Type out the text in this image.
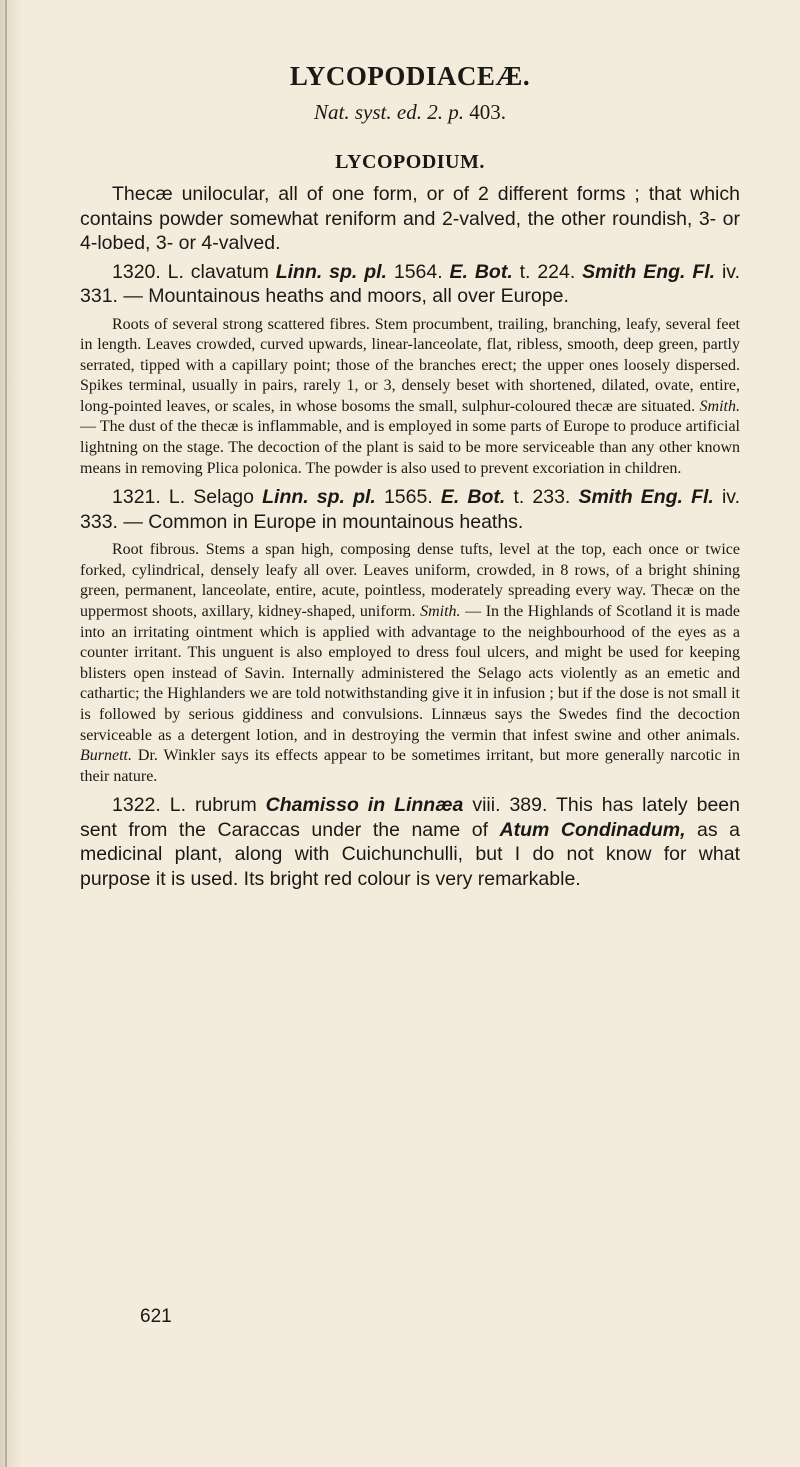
LYCOPODIACEÆ.
Nat. syst. ed. 2. p. 403.
LYCOPODIUM.

Thecæ unilocular, all of one form, or of 2 different forms ; that which contains powder somewhat reniform and 2-valved, the other roundish, 3- or 4-lobed, 3- or 4-valved.

1320. L. clavatum Linn. sp. pl. 1564. E. Bot. t. 224. Smith Eng. Fl. iv. 331. — Mountainous heaths and moors, all over Europe.

Roots of several strong scattered fibres. Stem procumbent, trailing, branching, leafy, several feet in length. Leaves crowded, curved upwards, linear-lanceolate, flat, ribless, smooth, deep green, partly serrated, tipped with a capillary point; those of the branches erect; the upper ones loosely dispersed. Spikes terminal, usually in pairs, rarely 1, or 3, densely beset with shortened, dilated, ovate, entire, long-pointed leaves, or scales, in whose bosoms the small, sulphur-coloured thecæ are situated. Smith. — The dust of the thecæ is inflammable, and is employed in some parts of Europe to produce artificial lightning on the stage. The decoction of the plant is said to be more serviceable than any other known means in removing Plica polonica. The powder is also used to prevent excoriation in children.

1321. L. Selago Linn. sp. pl. 1565. E. Bot. t. 233. Smith Eng. Fl. iv. 333. — Common in Europe in mountainous heaths.

Root fibrous. Stems a span high, composing dense tufts, level at the top, each once or twice forked, cylindrical, densely leafy all over. Leaves uniform, crowded, in 8 rows, of a bright shining green, permanent, lanceolate, entire, acute, pointless, moderately spreading every way. Thecæ on the uppermost shoots, axillary, kidney-shaped, uniform. Smith. — In the Highlands of Scotland it is made into an irritating ointment which is applied with advantage to the neighbourhood of the eyes as a counter irritant. This unguent is also employed to dress foul ulcers, and might be used for keeping blisters open instead of Savin. Internally administered the Selago acts violently as an emetic and cathartic; the Highlanders we are told notwithstanding give it in infusion ; but if the dose is not small it is followed by serious giddiness and convulsions. Linnæus says the Swedes find the decoction serviceable as a detergent lotion, and in destroying the vermin that infest swine and other animals. Burnett. Dr. Winkler says its effects appear to be sometimes irritant, but more generally narcotic in their nature.

1322. L. rubrum Chamisso in Linnæa viii. 389. This has lately been sent from the Caraccas under the name of Atum Condinadum, as a medicinal plant, along with Cuichunchulli, but I do not know for what purpose it is used. Its bright red colour is very remarkable.

621
